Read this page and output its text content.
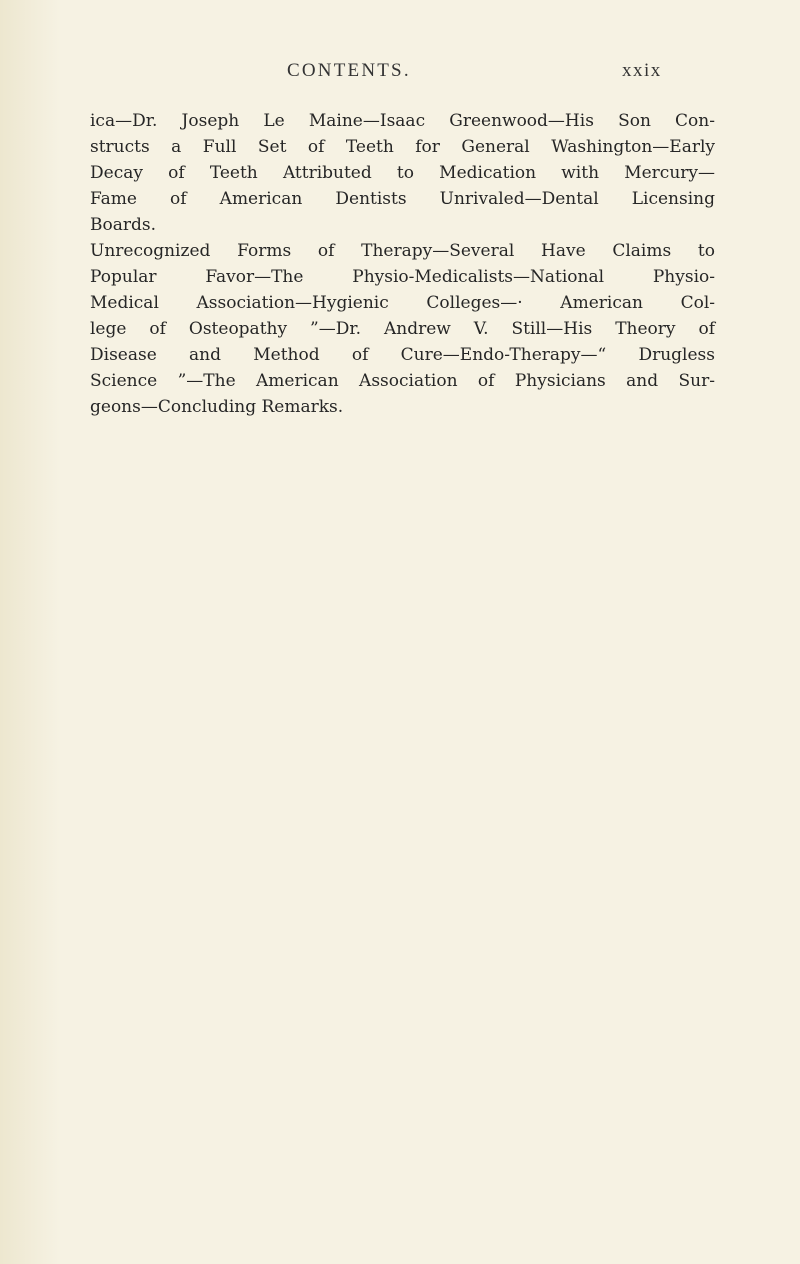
CONTENTS.	xxix

ica—Dr. Joseph Le Maine—Isaac Greenwood—His Son Con-
structs a Full Set of Teeth for General Washington—Early
Decay of Teeth Attributed to Medication with Mercury—
Fame of American Dentists Unrivaled—Dental Licensing
Boards.

Unrecognized Forms of Therapy—Several Have Claims to
Popular Favor—The Physio-Medicalists—National Physio-
Medical Association—Hygienic Colleges—· American Col-
lege of Osteopathy ”—Dr. Andrew V. Still—His Theory of
Disease and Method of Cure—Endo-Therapy—“ Drugless
Science ”—The American Association of Physicians and Sur-
geons—Concluding Remarks.
